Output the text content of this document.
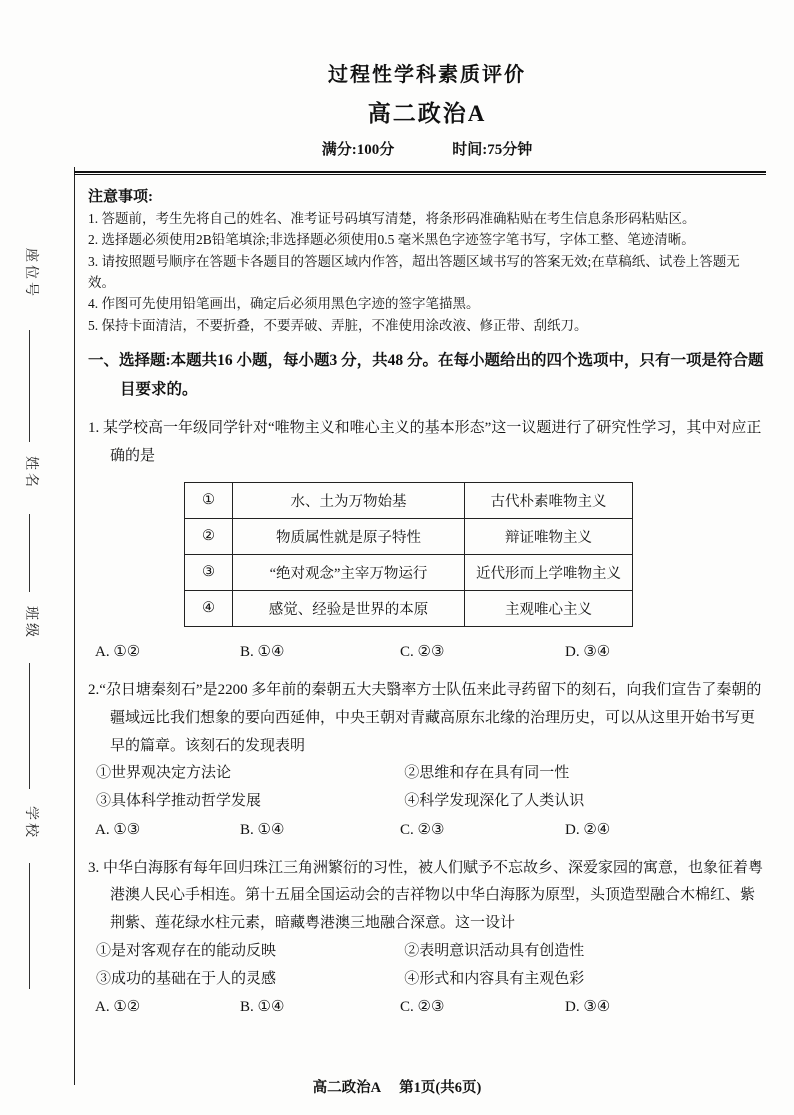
座位号
姓名
班级
学校
过程性学科素质评价
高二政治A
满分:100分	时间:75分钟
注意事项:
1. 答题前，考生先将自己的姓名、准考证号码填写清楚，将条形码准确粘贴在考生信息条形码粘贴区。
2. 选择题必须使用2B铅笔填涂;非选择题必须使用0.5 毫米黑色字迹签字笔书写，字体工整、笔迹清晰。
3. 请按照题号顺序在答题卡各题目的答题区域内作答，超出答题区域书写的答案无效;在草稿纸、试卷上答题无效。
4. 作图可先使用铅笔画出，确定后必须用黑色字迹的签字笔描黑。
5. 保持卡面清洁，不要折叠，不要弄破、弄脏，不准使用涂改液、修正带、刮纸刀。
一、选择题:本题共16 小题，每小题3 分，共48 分。在每小题给出的四个选项中，只有一项是符合题目要求的。
1. 某学校高一年级同学针对“唯物主义和唯心主义的基本形态”这一议题进行了研究性学习，其中对应正确的是
①	水、土为万物始基	古代朴素唯物主义
②	物质属性就是原子特性	辩证唯物主义
③	“绝对观念”主宰万物运行	近代形而上学唯物主义
④	感觉、经验是世界的本原	主观唯心主义
A. ①②	B. ①④	C. ②③	D. ③④
2.“尕日塘秦刻石”是2200 多年前的秦朝五大夫翳率方士队伍来此寻药留下的刻石，向我们宣告了秦朝的疆域远比我们想象的要向西延伸，中央王朝对青藏高原东北缘的治理历史，可以从这里开始书写更早的篇章。该刻石的发现表明
①世界观决定方法论	②思维和存在具有同一性
③具体科学推动哲学发展	④科学发现深化了人类认识
A. ①③	B. ①④	C. ②③	D. ②④
3. 中华白海豚有每年回归珠江三角洲繁衍的习性，被人们赋予不忘故乡、深爱家园的寓意，也象征着粤港澳人民心手相连。第十五届全国运动会的吉祥物以中华白海豚为原型，头顶造型融合木棉红、紫荆紫、莲花绿水柱元素，暗藏粤港澳三地融合深意。这一设计
①是对客观存在的能动反映	②表明意识活动具有创造性
③成功的基础在于人的灵感	④形式和内容具有主观色彩
A. ①②	B. ①④	C. ②③	D. ③④
高二政治A 第1页(共6页)
